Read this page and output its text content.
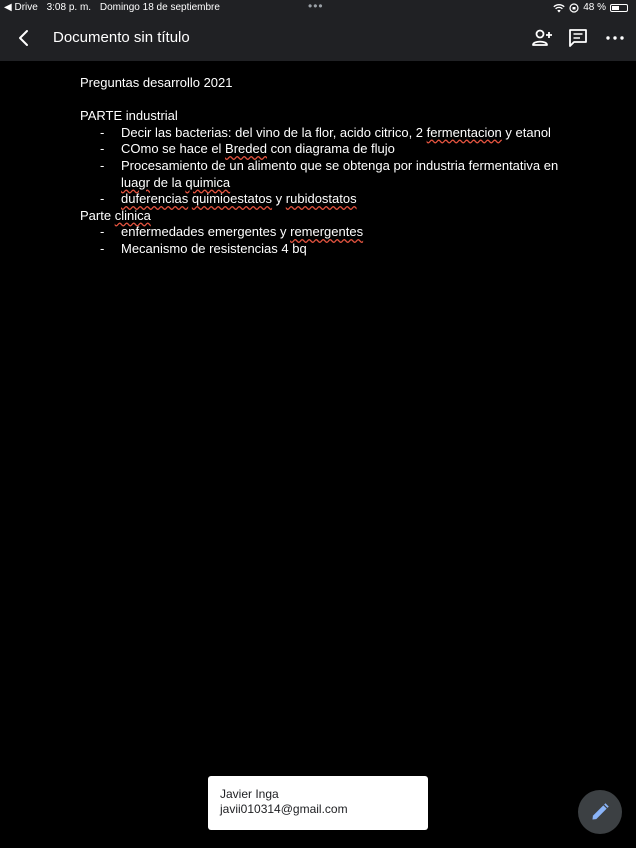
◀ Drive 3:08 p. m. Domingo 18 de septiembre	•••	48 %
Documento sin título

Preguntas desarrollo 2021

PARTE industrial

- Decir las bacterias: del vino de la flor, acido citrico, 2 fermentacion y etanol
- COmo se hace el Breded con diagrama de flujo
- Procesamiento de un alimento que se obtenga por industria fermentativa en luagr de la quimica
- duferencias quimioestatos y rubidostatos

Parte clinica

- enfermedades emergentes y remergentes
- Mecanismo de resistencias 4 bq
Javier Inga
javii010314@gmail.com
